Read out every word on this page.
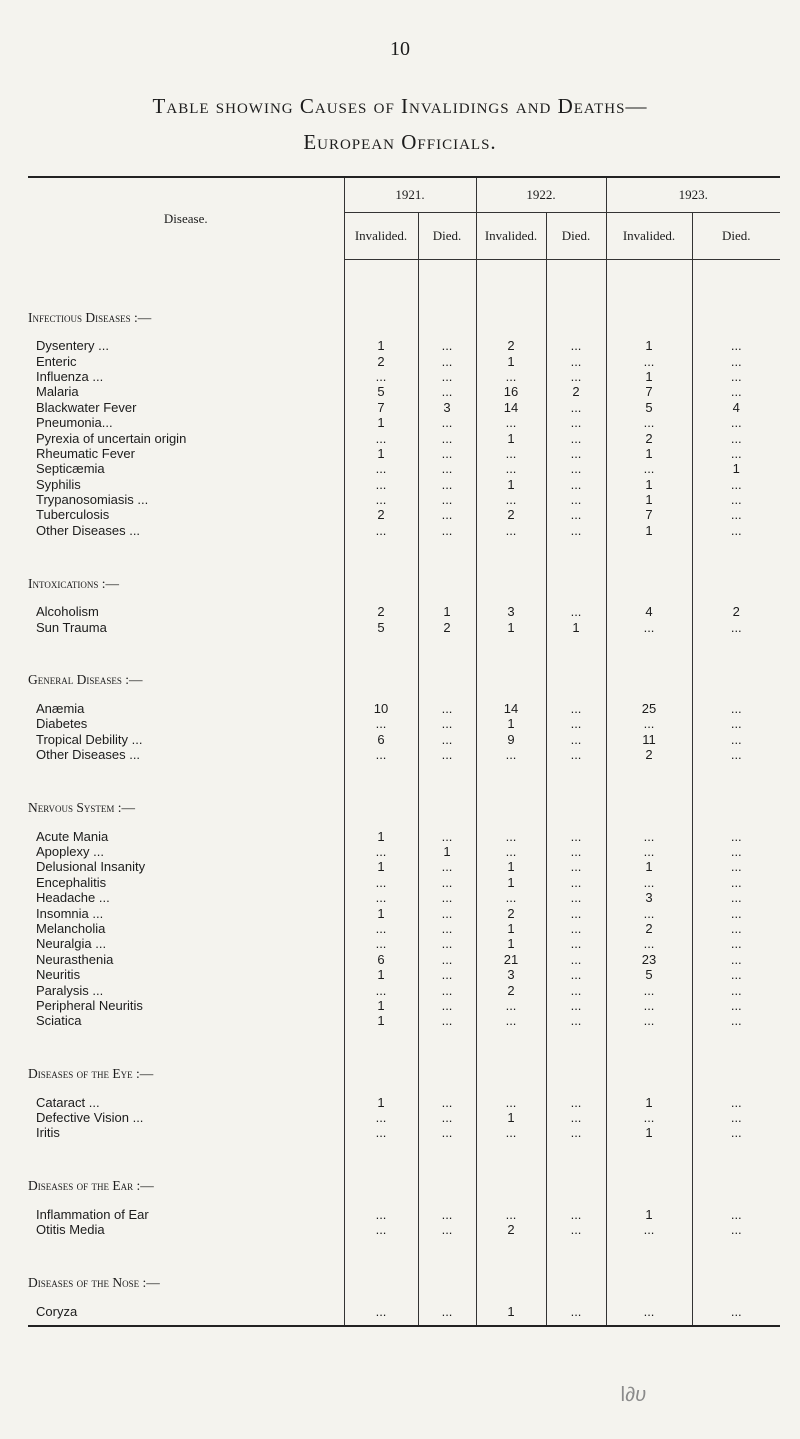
10
Table showing Causes of Invalidings and Deaths—
European Officials.
Disease.	1921.		1922.		1923.	
	Invalided.	Died.	Invalided.	Died.	Invalided.	Died.

Infectious Diseases :—						

Dysentery ...	1	...	2	...	1	...
Enteric	2	...	1	...	...	...
Influenza ...	...	...	...	...	1	...
Malaria	5	...	16	2	7	...
Blackwater Fever	7	3	14	...	5	4
Pneumonia...	1	...	...	...	...	...
Pyrexia of uncertain origin	...	...	1	...	2	...
Rheumatic Fever	1	...	...	...	1	...
Septicæmia	...	...	...	...	...	1
Syphilis	...	...	1	...	1	...
Trypanosomiasis ...	...	...	...	...	1	...
Tuberculosis	2	...	2	...	7	...
Other Diseases ...	...	...	...	...	1	...

Intoxications :—						

Alcoholism	2	1	3	...	4	2
Sun Trauma	5	2	1	1	...	...

General Diseases :—						

Anæmia	10	...	14	...	25	...
Diabetes	...	...	1	...	...	...
Tropical Debility ...	6	...	9	...	11	...
Other Diseases ...	...	...	...	...	2	...

Nervous System :—						

Acute Mania	1	...	...	...	...	...
Apoplexy ...	...	1	...	...	...	...
Delusional Insanity	1	...	1	...	1	...
Encephalitis	...	...	1	...	...	...
Headache ...	...	...	...	...	3	...
Insomnia ...	1	...	2	...	...	...
Melancholia	...	...	1	...	2	...
Neuralgia ...	...	...	1	...	...	...
Neurasthenia	6	...	21	...	23	...
Neuritis	1	...	3	...	5	...
Paralysis ...	...	...	2	...	...	...
Peripheral Neuritis	1	...	...	...	...	...
Sciatica	1	...	...	...	...	...

Diseases of the Eye :—						

Cataract ...	1	...	...	...	1	...
Defective Vision ...	...	...	1	...	...	...
Iritis	...	...	...	...	1	...

Diseases of the Ear :—						

Inflammation of Ear	...	...	...	...	1	...
Otitis Media	...	...	2	...	...	...

Diseases of the Nose :—						

Coryza	...	...	1	...	...	...

ǀ∂ʋ
